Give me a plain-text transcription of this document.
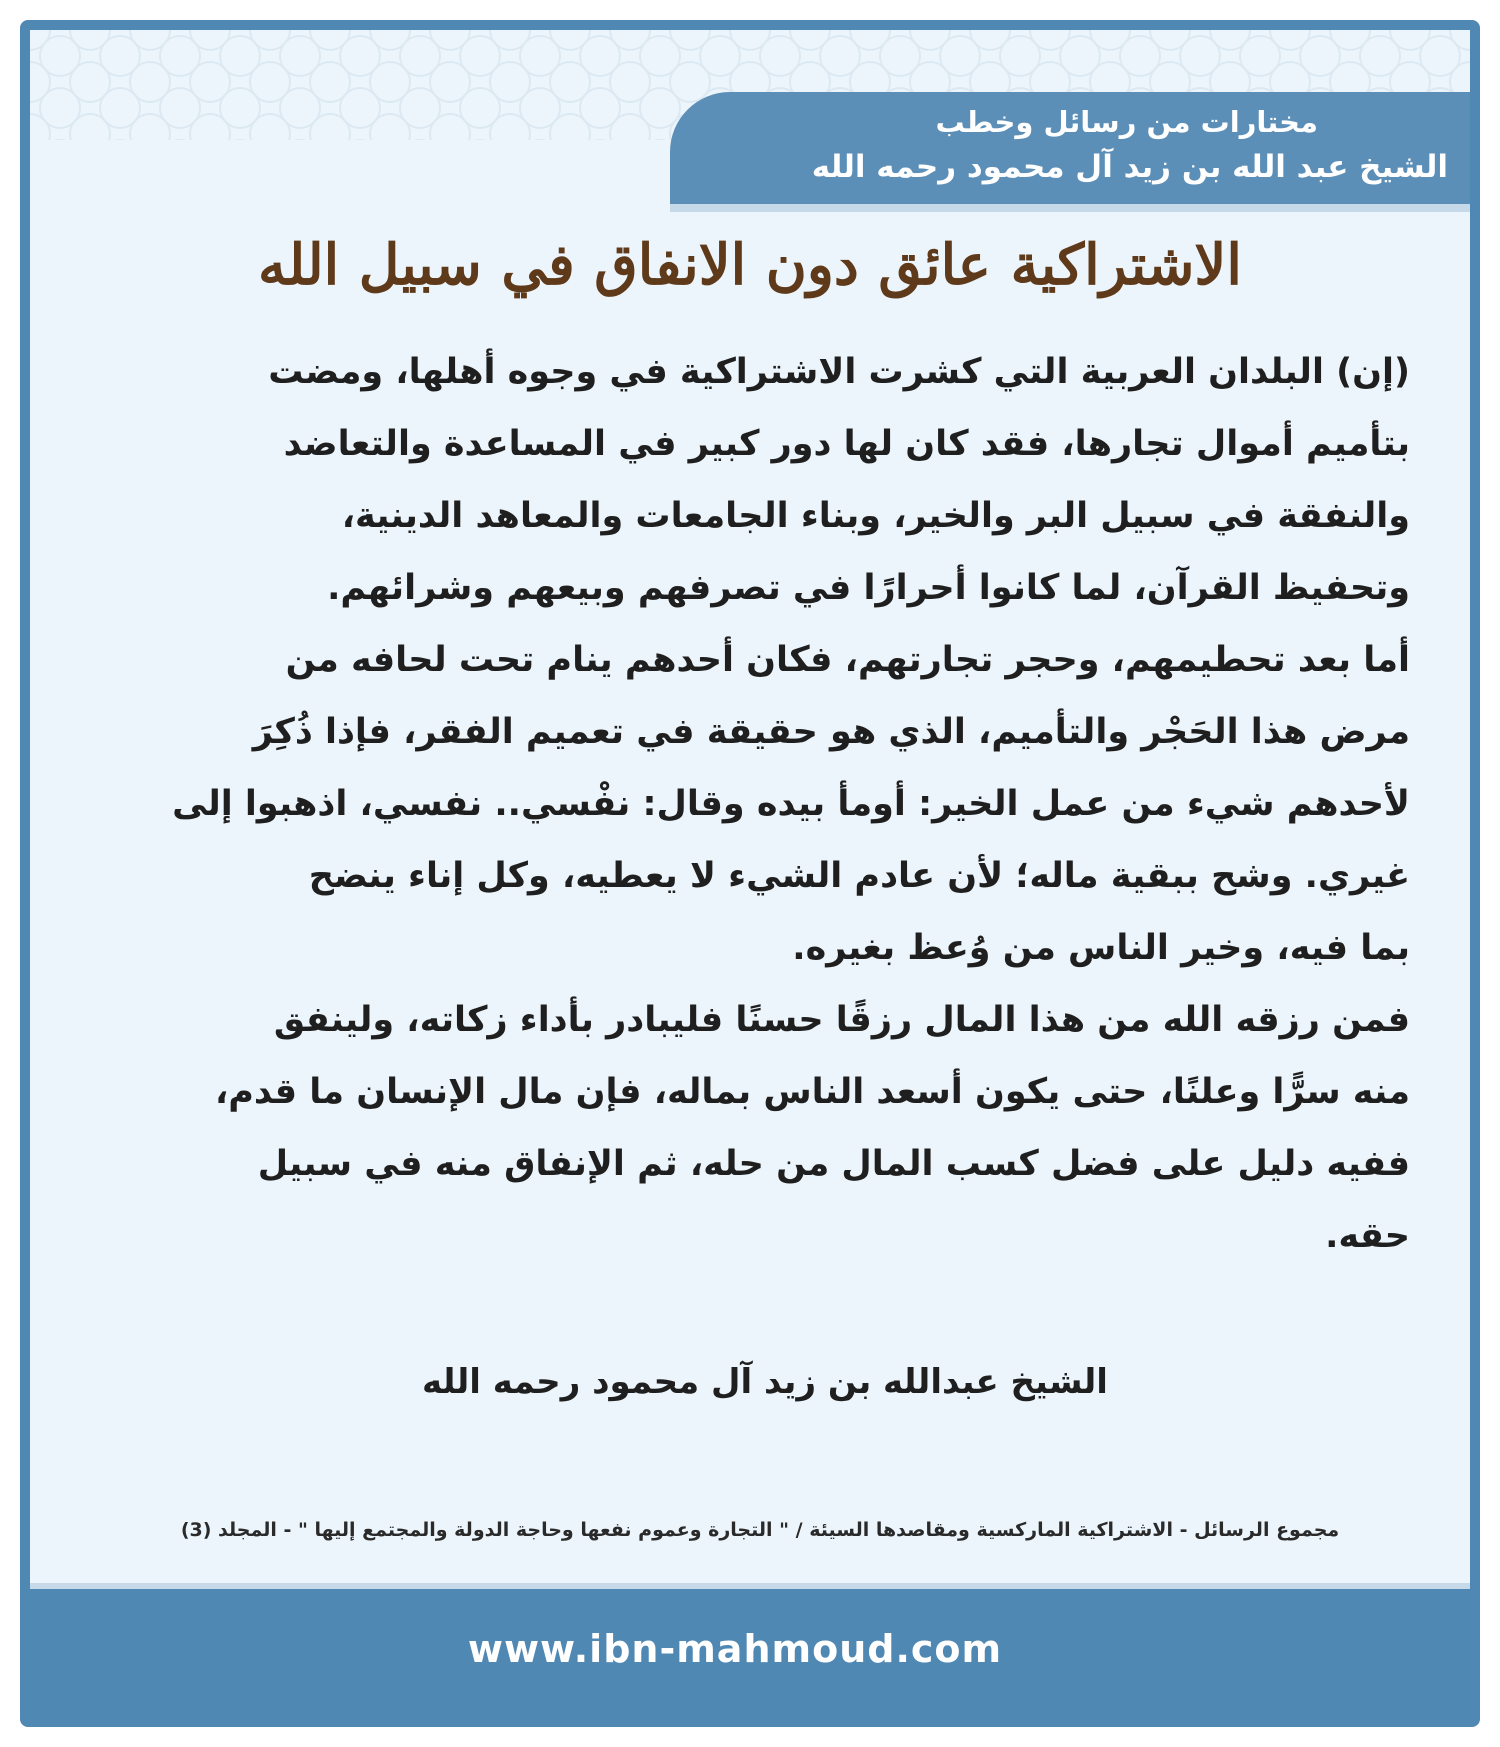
مختارات من رسائل وخطب
الشيخ عبد الله بن زيد آل محمود رحمه الله
الاشتراكية عائق دون الانفاق في سبيل الله
(إن) البلدان العربية التي كشرت الاشتراكية في وجوه أهلها، ومضت
بتأميم أموال تجارها، فقد كان لها دور كبير في المساعدة والتعاضد
والنفقة في سبيل البر والخير، وبناء الجامعات والمعاهد الدينية،
وتحفيظ القرآن، لما كانوا أحرارًا في تصرفهم وبيعهم وشرائهم.
أما بعد تحطيمهم، وحجر تجارتهم، فكان أحدهم ينام تحت لحافه من
مرض هذا الحَجْر والتأميم، الذي هو حقيقة في تعميم الفقر، فإذا ذُكِرَ
لأحدهم شيء من عمل الخير: أومأ بيده وقال: نفْسي.. نفسي، اذهبوا إلى
غيري. وشح ببقية ماله؛ لأن عادم الشيء لا يعطيه، وكل إناء ينضح
بما فيه، وخير الناس من وُعظ بغيره.
فمن رزقه الله من هذا المال رزقًا حسنًا فليبادر بأداء زكاته، ولينفق
منه سرًّا وعلنًا، حتى يكون أسعد الناس بماله، فإن مال الإنسان ما قدم،
ففيه دليل على فضل كسب المال من حله، ثم الإنفاق منه في سبيل
حقه.
الشيخ عبدالله بن زيد آل محمود رحمه الله
مجموع الرسائل - الاشتراكية الماركسية ومقاصدها السيئة / " التجارة وعموم نفعها وحاجة الدولة والمجتمع إليها " - المجلد (3)
www.ibn-mahmoud.com
